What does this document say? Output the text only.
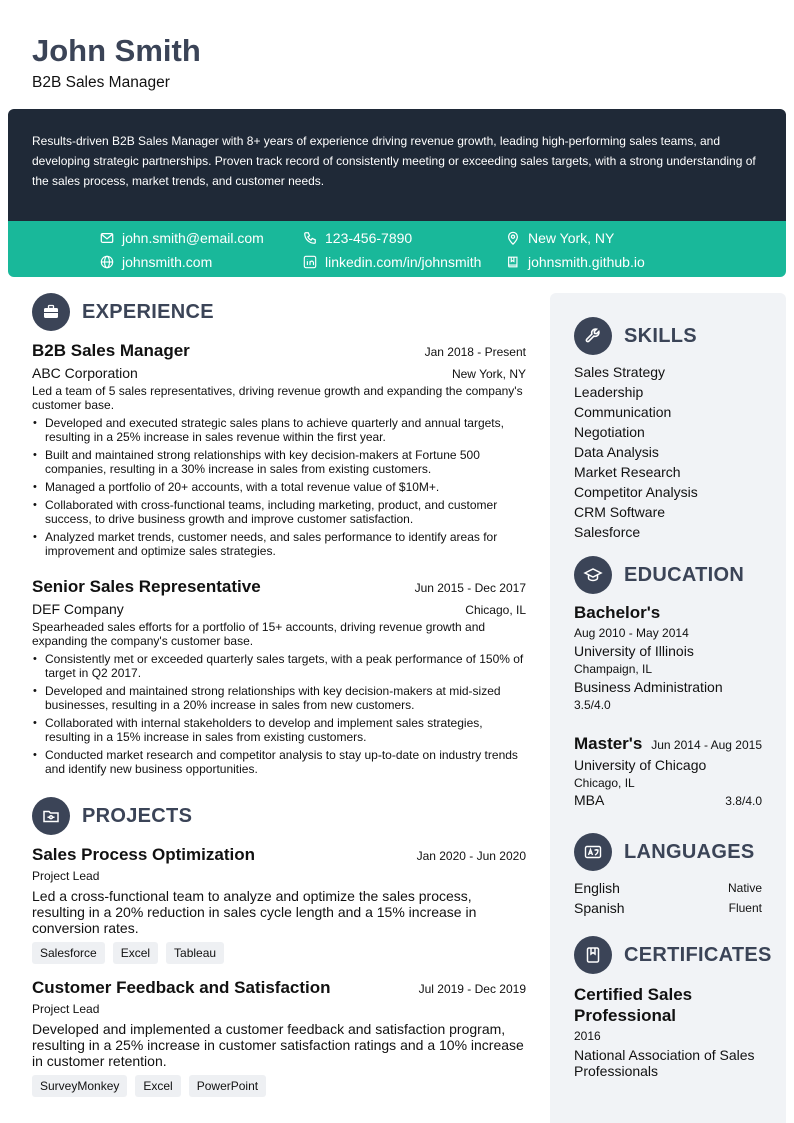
John Smith
B2B Sales Manager
Results-driven B2B Sales Manager with 8+ years of experience driving revenue growth, leading high-performing sales teams, and developing strategic partnerships. Proven track record of consistently meeting or exceeding sales targets, with a strong understanding of the sales process, market trends, and customer needs.
john.smith@email.com	123-456-7890	New York, NY
johnsmith.com	linkedin.com/in/johnsmith	johnsmith.github.io
EXPERIENCE
B2B Sales Manager	Jan 2018 - Present
ABC Corporation	New York, NY
Led a team of 5 sales representatives, driving revenue growth and expanding the company's customer base.
• Developed and executed strategic sales plans to achieve quarterly and annual targets, resulting in a 25% increase in sales revenue within the first year.
• Built and maintained strong relationships with key decision-makers at Fortune 500 companies, resulting in a 30% increase in sales from existing customers.
• Managed a portfolio of 20+ accounts, with a total revenue value of $10M+.
• Collaborated with cross-functional teams, including marketing, product, and customer success, to drive business growth and improve customer satisfaction.
• Analyzed market trends, customer needs, and sales performance to identify areas for improvement and optimize sales strategies.
Senior Sales Representative	Jun 2015 - Dec 2017
DEF Company	Chicago, IL
Spearheaded sales efforts for a portfolio of 15+ accounts, driving revenue growth and expanding the company's customer base.
• Consistently met or exceeded quarterly sales targets, with a peak performance of 150% of target in Q2 2017.
• Developed and maintained strong relationships with key decision-makers at mid-sized businesses, resulting in a 20% increase in sales from new customers.
• Collaborated with internal stakeholders to develop and implement sales strategies, resulting in a 15% increase in sales from existing customers.
• Conducted market research and competitor analysis to stay up-to-date on industry trends and identify new business opportunities.
PROJECTS
Sales Process Optimization	Jan 2020 - Jun 2020
Project Lead
Led a cross-functional team to analyze and optimize the sales process, resulting in a 20% reduction in sales cycle length and a 15% increase in conversion rates.
Salesforce	Excel	Tableau
Customer Feedback and Satisfaction	Jul 2019 - Dec 2019
Project Lead
Developed and implemented a customer feedback and satisfaction program, resulting in a 25% increase in customer satisfaction ratings and a 10% increase in customer retention.
SurveyMonkey	Excel	PowerPoint
SKILLS
Sales Strategy
Leadership
Communication
Negotiation
Data Analysis
Market Research
Competitor Analysis
CRM Software
Salesforce
EDUCATION
Bachelor's
Aug 2010 - May 2014
University of Illinois
Champaign, IL
Business Administration
3.5/4.0
Master's Jun 2014 - Aug 2015
University of Chicago
Chicago, IL
MBA	3.8/4.0
LANGUAGES
English	Native
Spanish	Fluent
CERTIFICATES
Certified Sales Professional
2016
National Association of Sales Professionals
